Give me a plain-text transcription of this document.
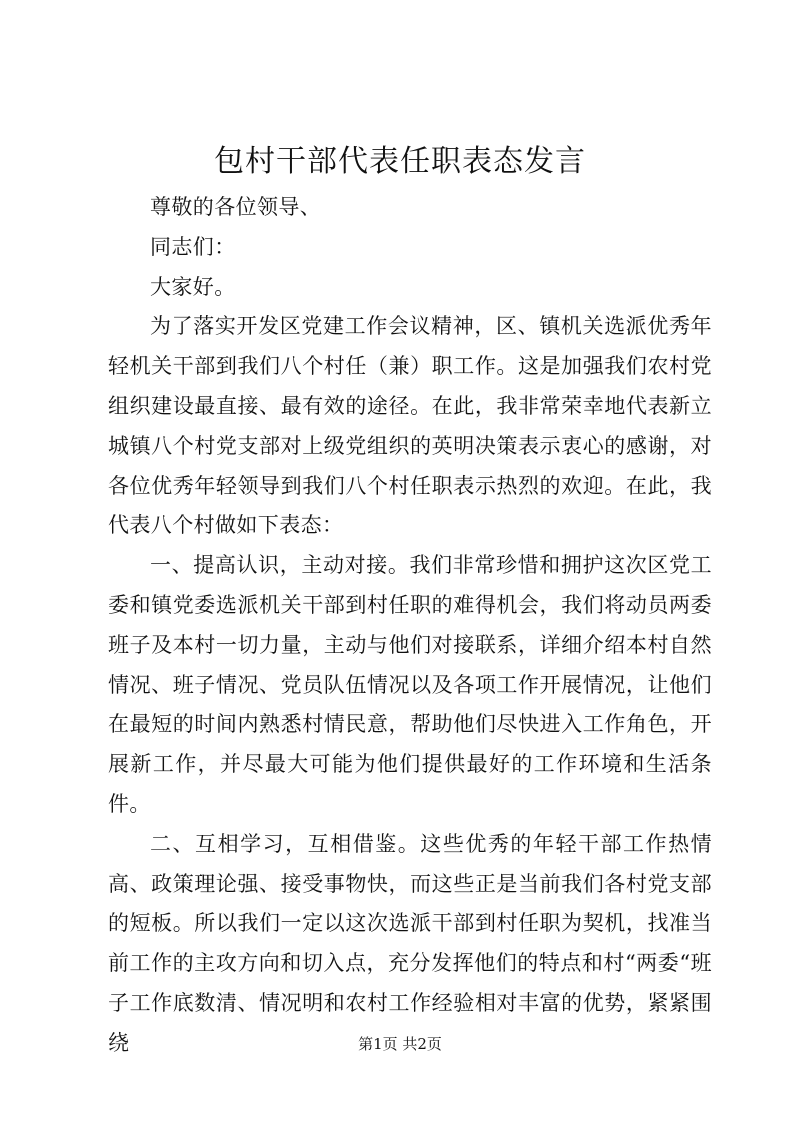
包村干部代表任职表态发言

尊敬的各位领导、

同志们：

大家好。

为了落实开发区党建工作会议精神，区、镇机关选派优秀年轻机关干部到我们八个村任（兼）职工作。这是加强我们农村党组织建设最直接、最有效的途径。在此，我非常荣幸地代表新立城镇八个村党支部对上级党组织的英明决策表示衷心的感谢，对各位优秀年轻领导到我们八个村任职表示热烈的欢迎。在此，我代表八个村做如下表态：

一、提高认识，主动对接。我们非常珍惜和拥护这次区党工委和镇党委选派机关干部到村任职的难得机会，我们将动员两委班子及本村一切力量，主动与他们对接联系，详细介绍本村自然情况、班子情况、党员队伍情况以及各项工作开展情况，让他们在最短的时间内熟悉村情民意，帮助他们尽快进入工作角色，开展新工作，并尽最大可能为他们提供最好的工作环境和生活条件。

二、互相学习，互相借鉴。这些优秀的年轻干部工作热情高、政策理论强、接受事物快，而这些正是当前我们各村党支部的短板。所以我们一定以这次选派干部到村任职为契机，找准当前工作的主攻方向和切入点，充分发挥他们的特点和村“两委“班子工作底数清、情况明和农村工作经验相对丰富的优势，紧紧围绕	第1页 共2页
